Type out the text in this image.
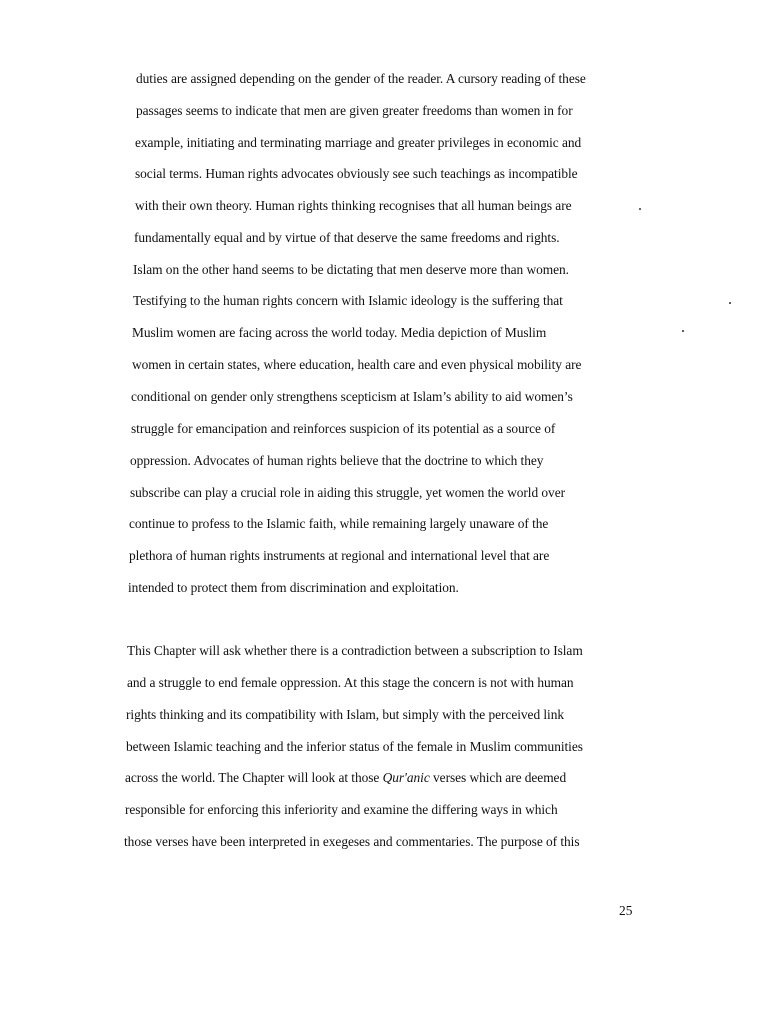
duties are assigned depending on the gender of the reader. A cursory reading of these
passages seems to indicate that men are given greater freedoms than women in for
example, initiating and terminating marriage and greater privileges in economic and
social terms. Human rights advocates obviously see such teachings as incompatible
with their own theory. Human rights thinking recognises that all human beings are
fundamentally equal and by virtue of that deserve the same freedoms and rights.
Islam on the other hand seems to be dictating that men deserve more than women.
Testifying to the human rights concern with Islamic ideology is the suffering that
Muslim women are facing across the world today. Media depiction of Muslim
women in certain states, where education, health care and even physical mobility are
conditional on gender only strengthens scepticism at Islam’s ability to aid women’s
struggle for emancipation and reinforces suspicion of its potential as a source of
oppression. Advocates of human rights believe that the doctrine to which they
subscribe can play a crucial role in aiding this struggle, yet women the world over
continue to profess to the Islamic faith, while remaining largely unaware of the
plethora of human rights instruments at regional and international level that are
intended to protect them from discrimination and exploitation.
This Chapter will ask whether there is a contradiction between a subscription to Islam
and a struggle to end female oppression. At this stage the concern is not with human
rights thinking and its compatibility with Islam, but simply with the perceived link
between Islamic teaching and the inferior status of the female in Muslim communities
across the world. The Chapter will look at those Qur'anic verses which are deemed
responsible for enforcing this inferiority and examine the differing ways in which
those verses have been interpreted in exegeses and commentaries. The purpose of this
25
